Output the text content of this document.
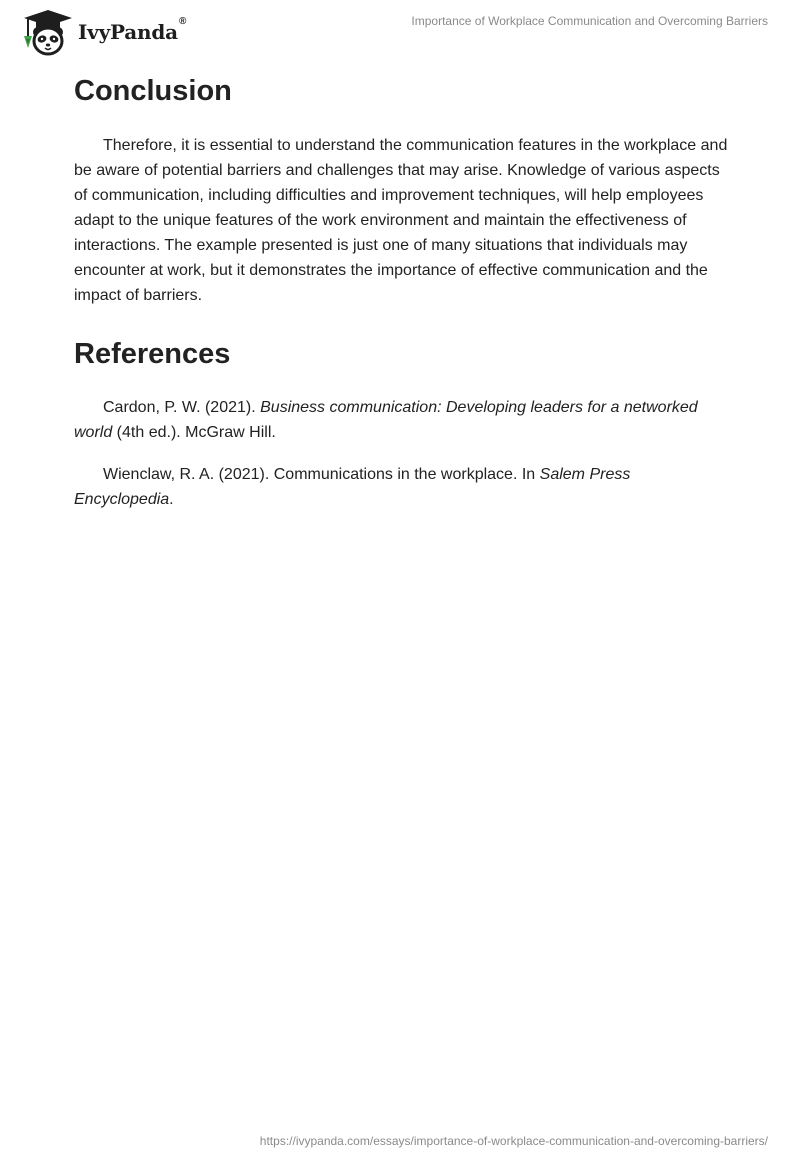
IvyPanda®	Importance of Workplace Communication and Overcoming Barriers
Conclusion

Therefore, it is essential to understand the communication features in the workplace and be aware of potential barriers and challenges that may arise. Knowledge of various aspects of communication, including difficulties and improvement techniques, will help employees adapt to the unique features of the work environment and maintain the effectiveness of interactions. The example presented is just one of many situations that individuals may encounter at work, but it demonstrates the importance of effective communication and the impact of barriers.

References

Cardon, P. W. (2021). Business communication: Developing leaders for a networked world (4th ed.). McGraw Hill.

Wienclaw, R. A. (2021). Communications in the workplace. In Salem Press Encyclopedia.

https://ivypanda.com/essays/importance-of-workplace-communication-and-overcoming-barriers/
